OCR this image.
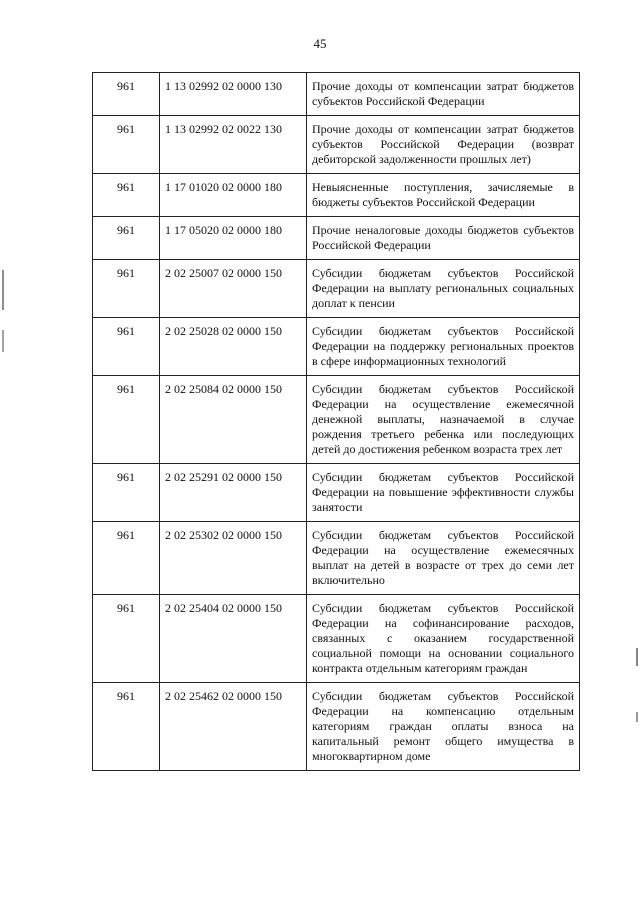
45
961	1 13 02992 02 0000 130	Прочие доходы от компенсации затрат бюджетов субъектов Российской Федерации
961	1 13 02992 02 0022 130	Прочие доходы от компенсации затрат бюджетов субъектов Российской Федерации (возврат дебиторской задолженности прошлых лет)
961	1 17 01020 02 0000 180	Невыясненные поступления, зачисляемые в бюджеты субъектов Российской Федерации
961	1 17 05020 02 0000 180	Прочие неналоговые доходы бюджетов субъектов Российской Федерации
961	2 02 25007 02 0000 150	Субсидии бюджетам субъектов Российской Федерации на выплату региональных социальных доплат к пенсии
961	2 02 25028 02 0000 150	Субсидии бюджетам субъектов Российской Федерации на поддержку региональных проектов в сфере информационных технологий
961	2 02 25084 02 0000 150	Субсидии бюджетам субъектов Российской Федерации на осуществление ежемесячной денежной выплаты, назначаемой в случае рождения третьего ребенка или последующих детей до достижения ребенком возраста трех лет
961	2 02 25291 02 0000 150	Субсидии бюджетам субъектов Российской Федерации на повышение эффективности службы занятости
961	2 02 25302 02 0000 150	Субсидии бюджетам субъектов Российской Федерации на осуществление ежемесячных выплат на детей в возрасте от трех до семи лет включительно
961	2 02 25404 02 0000 150	Субсидии бюджетам субъектов Российской Федерации на софинансирование расходов, связанных с оказанием государственной социальной помощи на основании социального контракта отдельным категориям граждан
961	2 02 25462 02 0000 150	Субсидии бюджетам субъектов Российской Федерации на компенсацию отдельным категориям граждан оплаты взноса на капитальный ремонт общего имущества в многоквартирном доме
